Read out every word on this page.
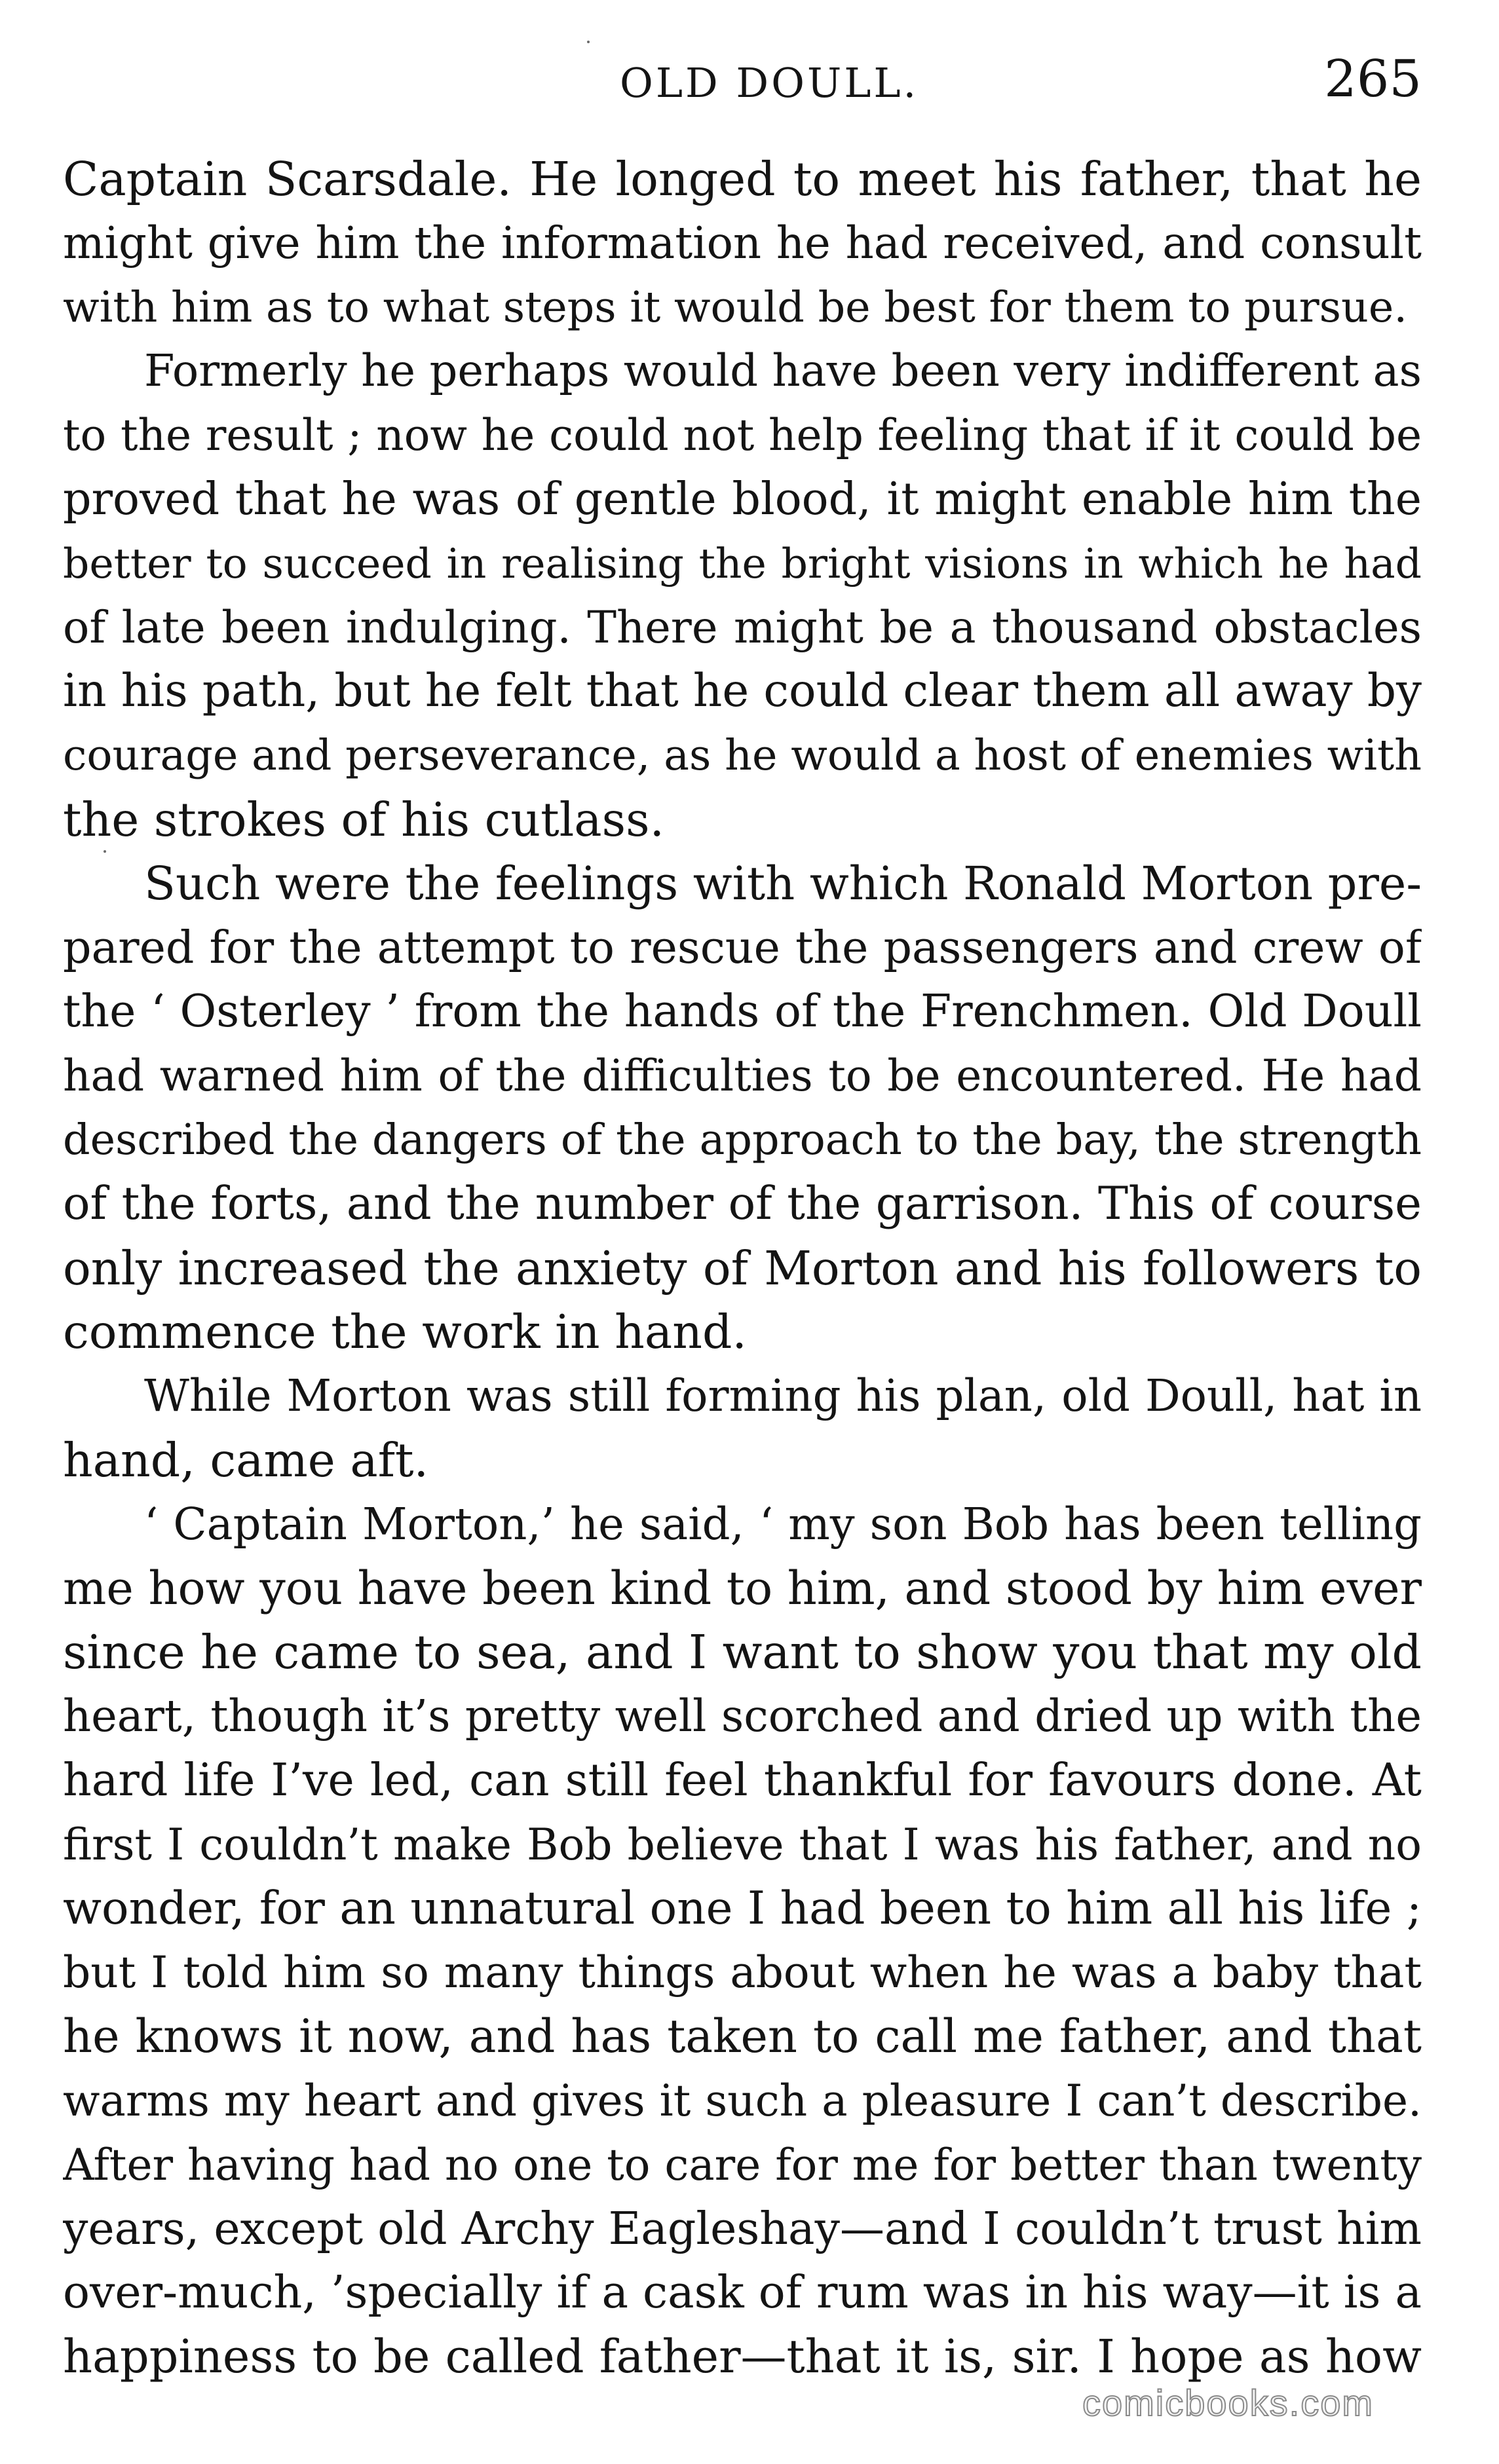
OLD DOULL.	265
Captain Scarsdale. He longed to meet his father, that he
might give him the information he had received, and consult
with him as to what steps it would be best for them to pursue.
Formerly he perhaps would have been very indifferent as
to the result ; now he could not help feeling that if it could be
proved that he was of gentle blood, it might enable him the
better to succeed in realising the bright visions in which he had
of late been indulging. There might be a thousand obstacles
in his path, but he felt that he could clear them all away by
courage and perseverance, as he would a host of enemies with
the strokes of his cutlass.
Such were the feelings with which Ronald Morton pre-
pared for the attempt to rescue the passengers and crew of
the ‘ Osterley ’ from the hands of the Frenchmen. Old Doull
had warned him of the difficulties to be encountered. He had
described the dangers of the approach to the bay, the strength
of the forts, and the number of the garrison. This of course
only increased the anxiety of Morton and his followers to
commence the work in hand.
While Morton was still forming his plan, old Doull, hat in
hand, came aft.
‘ Captain Morton,’ he said, ‘ my son Bob has been telling
me how you have been kind to him, and stood by him ever
since he came to sea, and I want to show you that my old
heart, though it’s pretty well scorched and dried up with the
hard life I’ve led, can still feel thankful for favours done. At
first I couldn’t make Bob believe that I was his father, and no
wonder, for an unnatural one I had been to him all his life ;
but I told him so many things about when he was a baby that
he knows it now, and has taken to call me father, and that
warms my heart and gives it such a pleasure I can’t describe.
After having had no one to care for me for better than twenty
years, except old Archy Eagleshay—and I couldn’t trust him
over-much, ’specially if a cask of rum was in his way—it is a
happiness to be called father—that it is, sir. I hope as how
comicbooks.com
